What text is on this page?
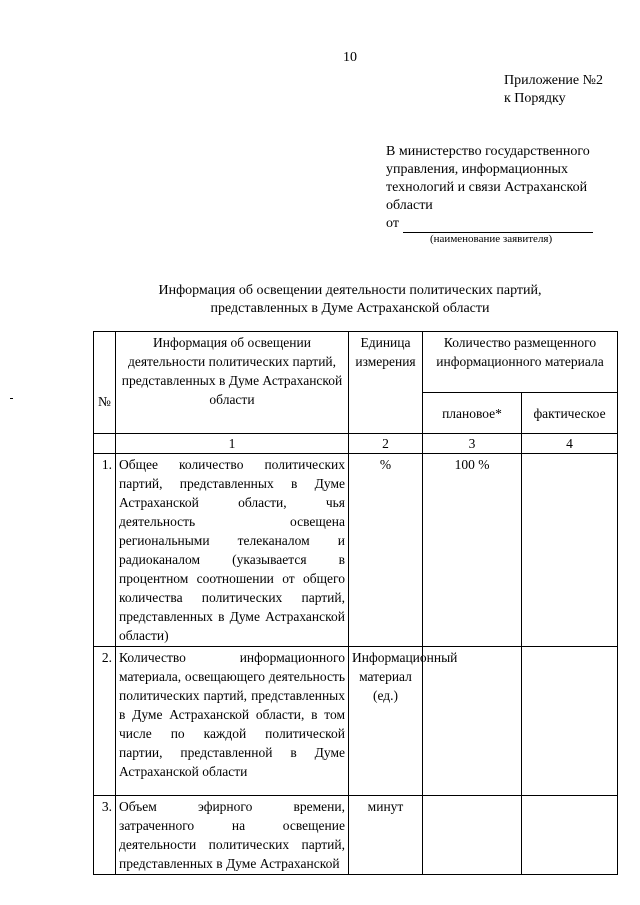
10
Приложение №2
к Порядку
В министерство государственного управления, информационных технологий и связи Астраханской области
от
(наименование заявителя)
Информация об освещении деятельности политических партий,
представленных в Думе Астраханской области
№	Информация об освещении деятельности политических партий, представленных в Думе Астраханской области	Единица измерения	Количество размещенного информационного материала	
			плановое*	фактическое
	1	2	3	4
1.	Общее количество политических партий, представленных в Думе Астраханской области, чья деятельность освещена региональными телеканалом и радиоканалом (указывается в процентном соотношении от общего количества политических партий, представленных в Думе Астраханской области)	%	100 %	
2.	Количество информационного материала, освещающего деятельность политических партий, представленных в Думе Астраханской области, в том числе по каждой политической партии, представленной в Думе Астраханской области	Информационный материал (ед.)		
3.	Объем эфирного времени, затраченного на освещение деятельности политических партий, представленных в Думе Астраханской	минут		
